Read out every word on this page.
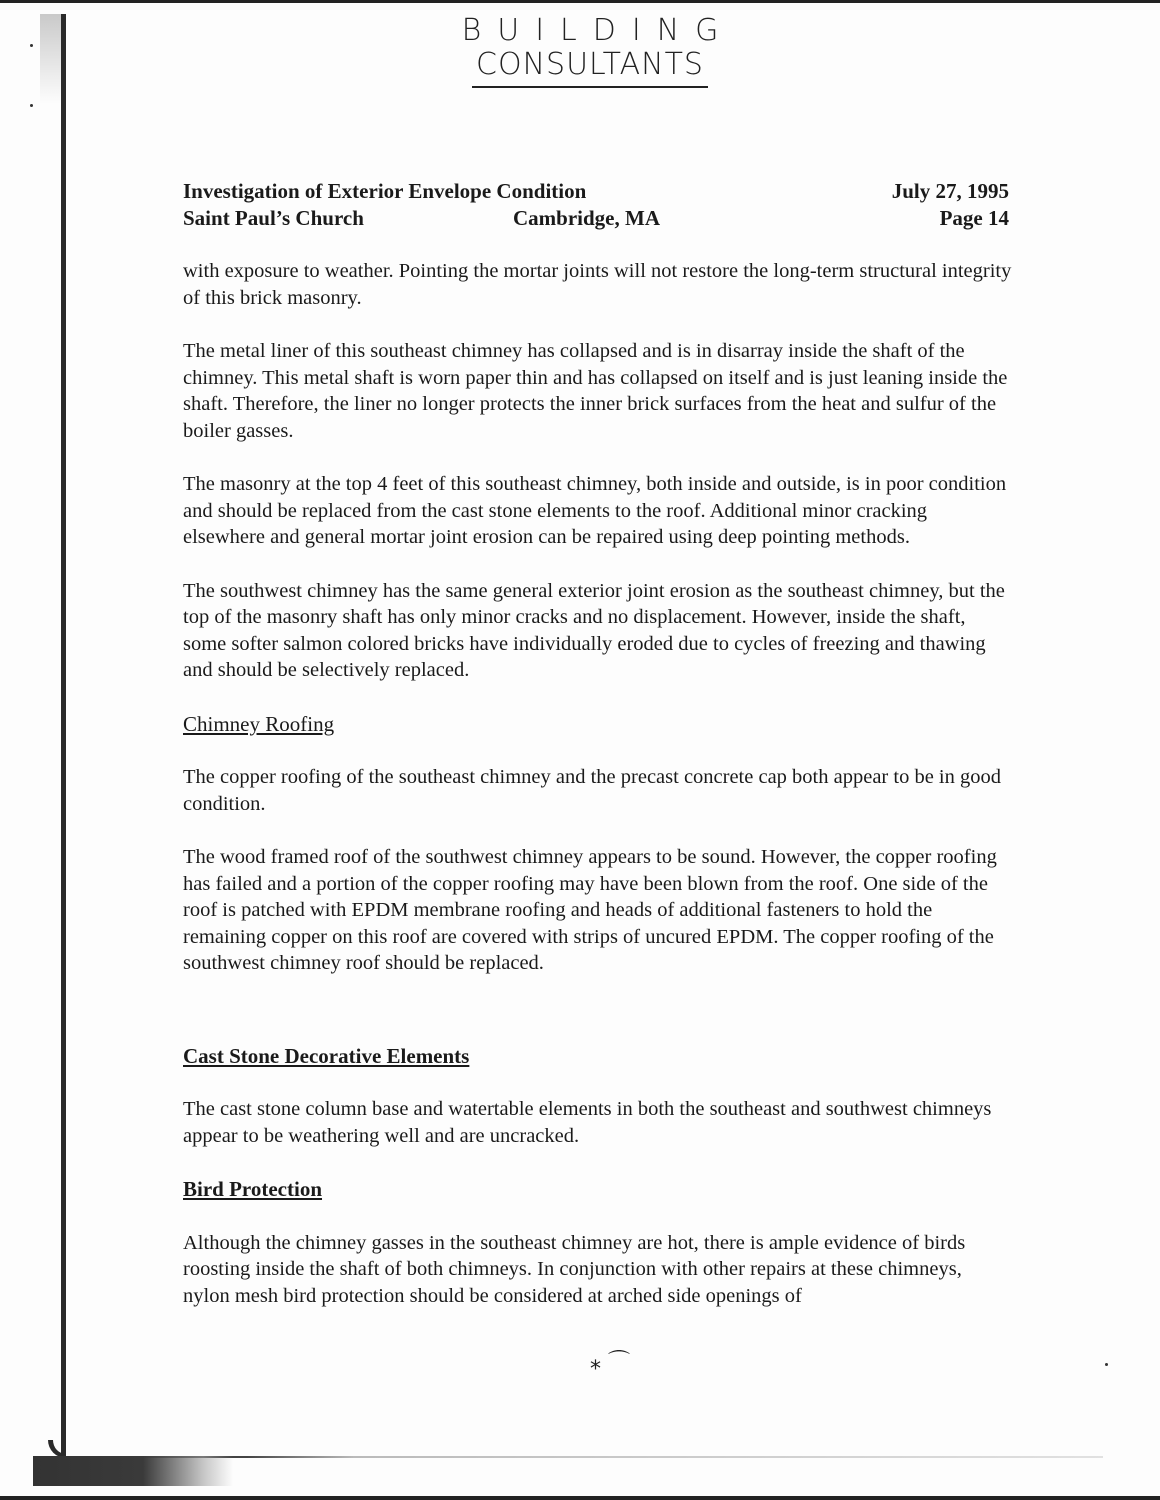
BUILDING
CONSULTANTS
Investigation of Exterior Envelope Condition	July 27, 1995
Saint Paul’s Church	Cambridge, MA	Page 14

with exposure to weather. Pointing the mortar joints will not restore the long-term structural integrity of this brick masonry.

The metal liner of this southeast chimney has collapsed and is in disarray inside the shaft of the chimney. This metal shaft is worn paper thin and has collapsed on itself and is just leaning inside the shaft. Therefore, the liner no longer protects the inner brick surfaces from the heat and sulfur of the boiler gasses.

The masonry at the top 4 feet of this southeast chimney, both inside and outside, is in poor condition and should be replaced from the cast stone elements to the roof. Additional minor cracking elsewhere and general mortar joint erosion can be repaired using deep pointing methods.

The southwest chimney has the same general exterior joint erosion as the southeast chimney, but the top of the masonry shaft has only minor cracks and no displacement. However, inside the shaft, some softer salmon colored bricks have individually eroded due to cycles of freezing and thawing and should be selectively replaced.

Chimney Roofing

The copper roofing of the southeast chimney and the precast concrete cap both appear to be in good condition.

The wood framed roof of the southwest chimney appears to be sound. However, the copper roofing has failed and a portion of the copper roofing may have been blown from the roof. One side of the roof is patched with EPDM membrane roofing and heads of additional fasteners to hold the remaining copper on this roof are covered with strips of uncured EPDM. The copper roofing of the southwest chimney roof should be replaced.

Cast Stone Decorative Elements

The cast stone column base and watertable elements in both the southeast and southwest chimneys appear to be weathering well and are uncracked.

Bird Protection

Although the chimney gasses in the southeast chimney are hot, there is ample evidence of birds roosting inside the shaft of both chimneys. In conjunction with other repairs at these chimneys, nylon mesh bird protection should be considered at arched side openings of

⁎ ⌒
